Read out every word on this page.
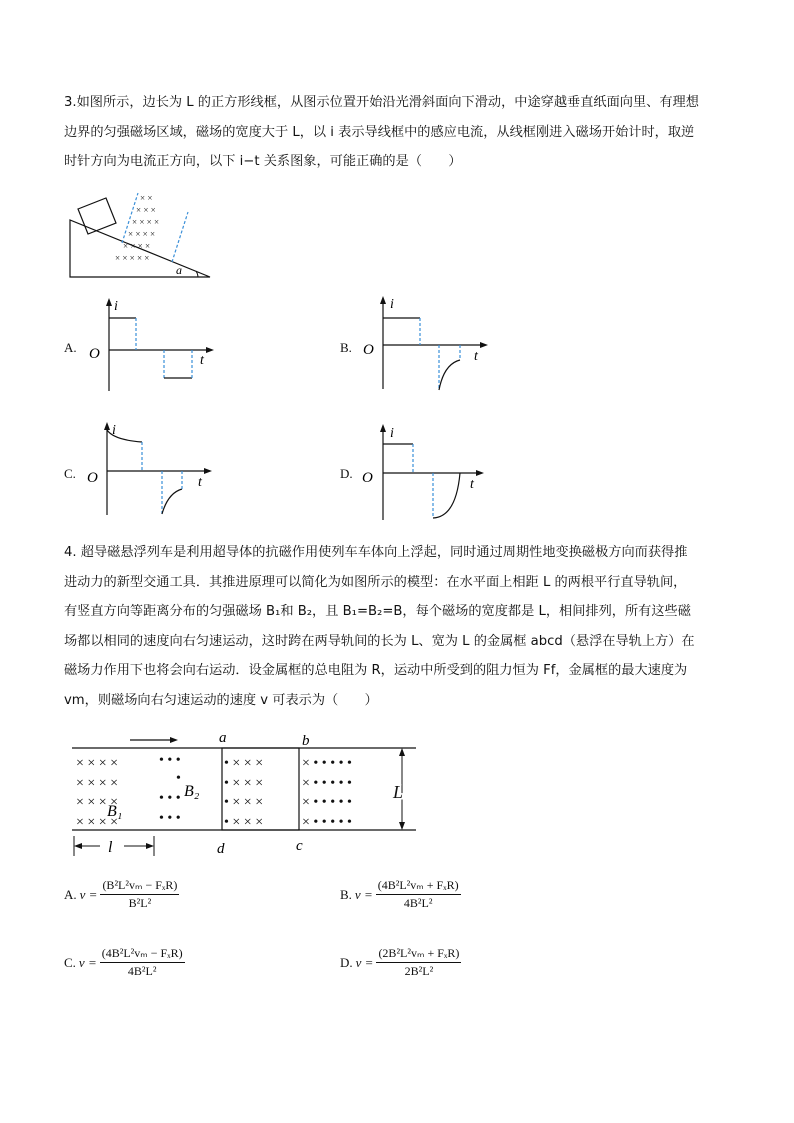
3.如图所示，边长为 L 的正方形线框，从图示位置开始沿光滑斜面向下滑动，中途穿越垂直纸面向里、有理想
边界的匀强磁场区域，磁场的宽度大于 L，以 i 表示导线框中的感应电流，从线框刚进入磁场开始计时，取逆
时针方向为电流正方向，以下 i−t 关系图象，可能正确的是（　　）
× ×
× × ×
× × × ×
× × × ×
× × × ×
× × × × ×
a
A.
i
t
O	B.
i
t
O
C.
i
t
O	D.
i
t
O
4. 超导磁悬浮列车是利用超导体的抗磁作用使列车车体向上浮起，同时通过周期性地变换磁极方向而获得推
进动力的新型交通工具．其推进原理可以简化为如图所示的模型：在水平面上相距 L 的两根平行直导轨间，
有竖直方向等距离分布的匀强磁场 B₁和 B₂，且 B₁=B₂=B，每个磁场的宽度都是 L，相间排列，所有这些磁
场都以相同的速度向右匀速运动，这时跨在两导轨间的长为 L、宽为 L 的金属框 abcd（悬浮在导轨上方）在
磁场力作用下也将会向右运动．设金属框的总电阻为 R，运动中所受到的阻力恒为 Ff，金属框的最大速度为
vm，则磁场向右匀速运动的速度 v 可表示为（　　）
a	b
c
d
× × × ×
× × × ×
× × × ×
× × × ×
• • •
•
• • •
• • •
• × × ×
• × × ×
• × × ×
• × × ×
× • • • • •
× • • • • •
× • • • • •
× • • • • •
B₁
B₂	L
l
A. $v = \frac{\text{(B²L²vₘ − FₓR)}}{\text{B²L²}}$	B. $v = \frac{\text{(4B²L²vₘ + FₓR)}}{\text{4B²L²}}$
C. $v = \frac{\text{(4B²L²vₘ − FₓR)}}{\text{4B²L²}}$	D. $v = \frac{\text{(2B²L²vₘ + FₓR)}}{\text{2B²L²}}$
